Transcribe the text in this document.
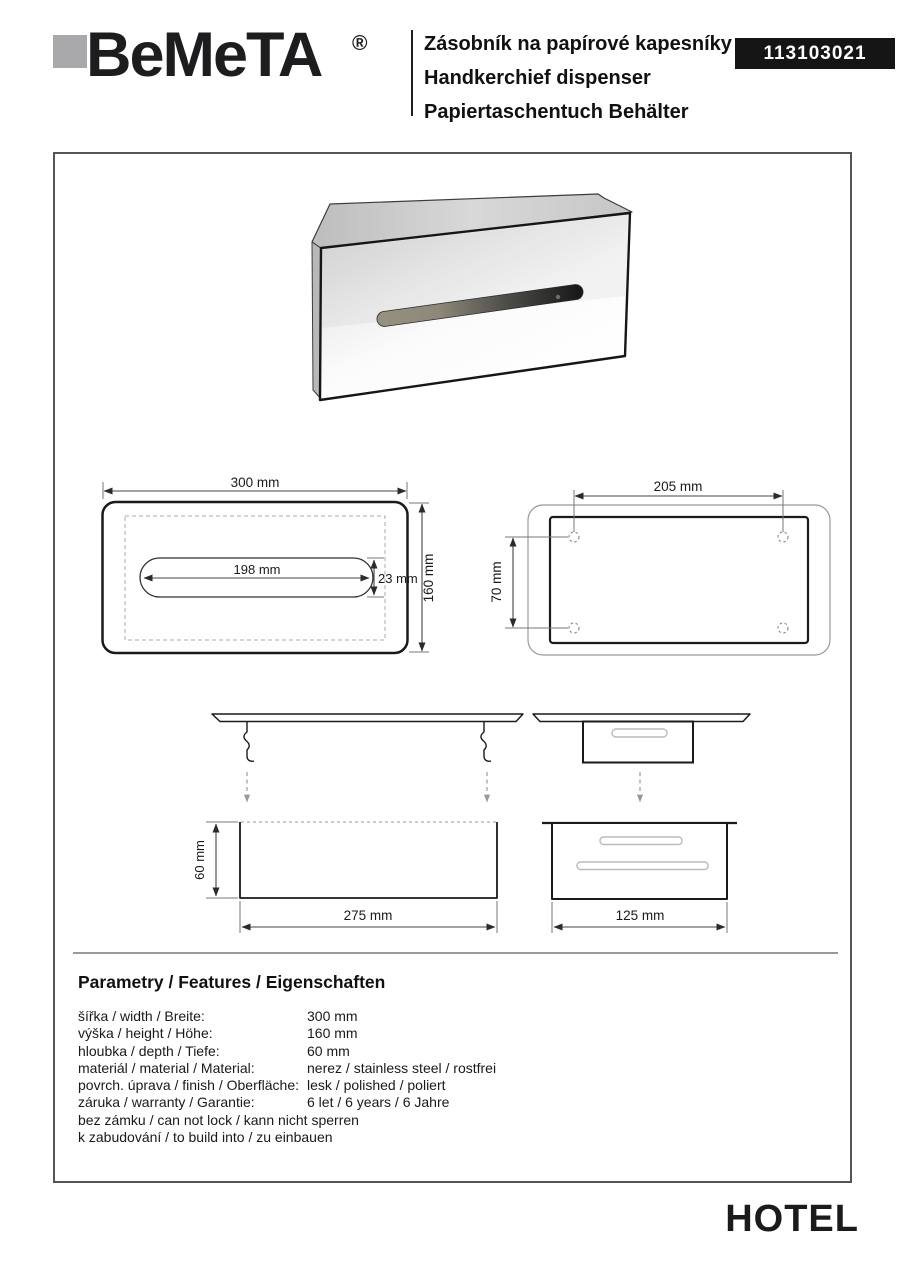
BeMeTA ®	Zásobník na papírové kapesníky
Handkerchief dispenser
Papiertaschentuch Behälter
113103021
300 mm
160 mm
198 mm
23 mm
205 mm
70 mm
60 mm
275 mm	125 mm
Parametry / Features / Eigenschaften
šířka / width / Breite:	300 mm
výška / height / Höhe:	160 mm
hloubka / depth / Tiefe:	60 mm
materiál / material / Material:	nerez / stainless steel / rostfrei
povrch. úprava / finish / Oberfläche: lesk / polished / poliert
záruka / warranty / Garantie:	6 let / 6 years / 6 Jahre
bez zámku / can not lock / kann nicht sperren
k zabudování / to build into / zu einbauen
HOTEL
